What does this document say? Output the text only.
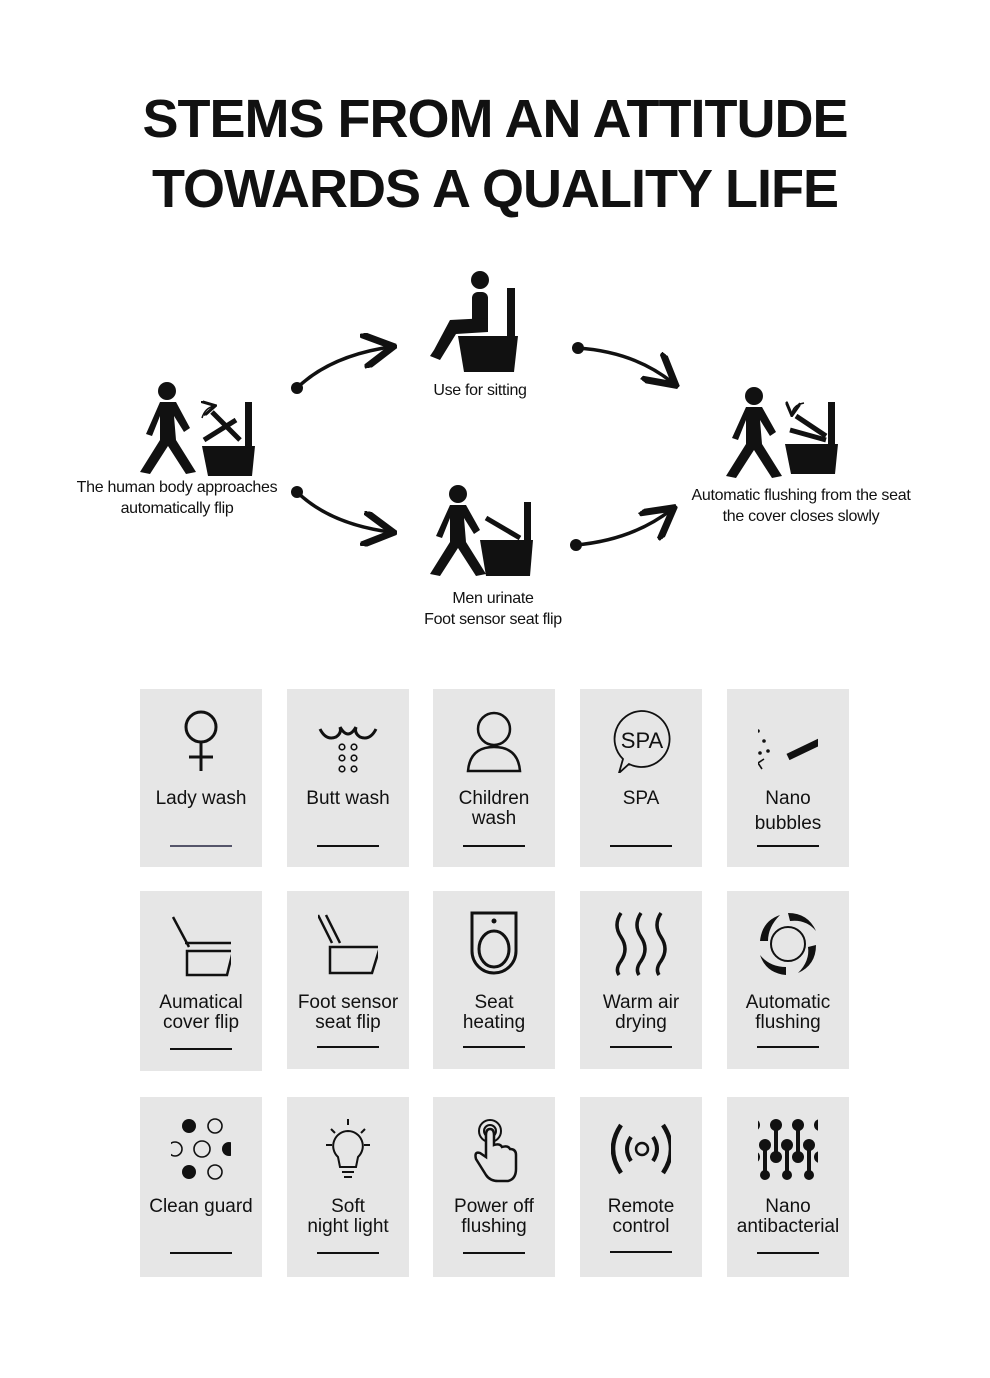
STEMS FROM AN ATTITUDE
TOWARDS A QUALITY LIFE
The human body approaches
automatically flip
Use for sitting
Men urinate
Foot sensor seat flip
Automatic flushing from the seat
the cover closes slowly
Lady wash	Butt wash	Children
wash
SPA
SPA	Nano
bubbles
Aumatical
cover flip
Foot sensor
seat flip
Seat
heating
Warm air
drying
Automatic
flushing
Clean guard	Soft
night light
Power off
flushing
Remote
control
Nano
antibacterial
